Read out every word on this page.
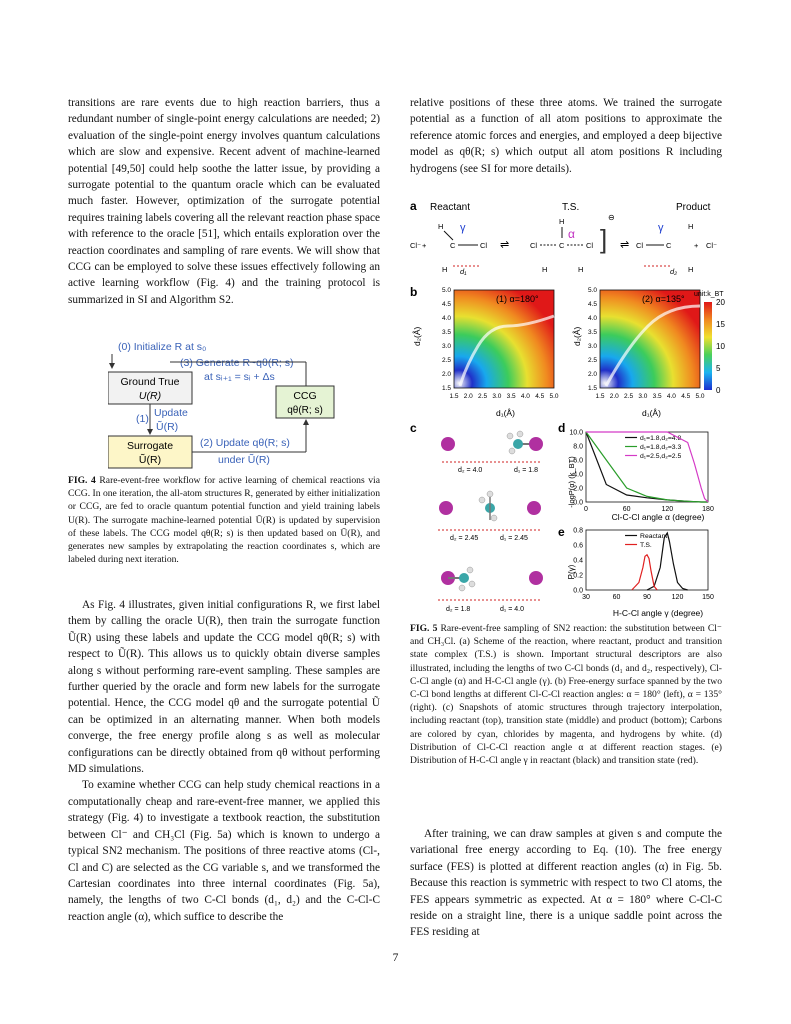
transitions are rare events due to high reaction barriers, thus a redundant number of single-point energy calculations are needed; 2) evaluation of the single-point energy involves quantum calculations which are slow and expensive. Recent advent of machine-learned potential [49,50] could help soothe the latter issue, by providing a surrogate potential to the quantum oracle which can be evaluated much faster. However, optimization of the surrogate potential requires training labels covering all the relevant reaction phase space with reference to the oracle [51], which entails exploration over the reaction coordinates and sampling of rare events. We will show that CCG can be employed to solve these issues effectively following an active learning workflow (Fig. 4) and the training protocol is summarized in SI and Algorithm S2.

(0) Initialize R at s₀
(3) Generate R~qθ(R; s)
at sᵢ₊₁ = sᵢ + Δs
Ground True
U(R)	CCG
qθ(R; s)
(1) Update
Ũ(R)
Surrogate
Ũ(R)
(2) Update qθ(R; s)
under Ũ(R)

FIG. 4 Rare-event-free workflow for active learning of chemical reactions via CCG. In one iteration, the all-atom structures R, generated by either initialization or CCG, are fed to oracle quantum potential function and yield training labels U(R). The surrogate machine-learned potential Ũ(R) is updated by supervision of these labels. The CCG model qθ(R; s) is then updated based on Ũ(R), and generates new samples by extrapolating the reaction coordinates s, which are labeled during next iteration.

As Fig. 4 illustrates, given initial configurations R, we first label them by calling the oracle U(R), then train the surrogate function Ũ(R) using these labels and update the CCG model qθ(R; s) with respect to Ũ(R). This allows us to quickly obtain diverse samples along s without performing rare-event sampling. These samples are further queried by the oracle and form new labels for the surrogate potential. Hence, the CCG model qθ and the surrogate potential Ũ can be optimized in an alternating manner. When both models converge, the free energy profile along s as well as molecular configurations can be directly obtained from qθ without performing MD simulations.

To examine whether CCG can help study chemical reactions in a computationally cheap and rare-event-free manner, we applied this strategy (Fig. 4) to investigate a textbook reaction, the substitution between Cl⁻ and CH₃Cl (Fig. 5a) which is known to undergo a typical SN2 mechanism. The positions of three reactive atoms (Cl-, Cl and C) are selected as the CG variable s, and we transformed the Cartesian coordinates into three internal coordinates (Fig. 5a), namely, the lengths of two C-Cl bonds (d₁, d₂) and the C-Cl-C reaction angle (α), which suffice to describe the

relative positions of these three atoms. We trained the surrogate potential as a function of all atom positions to approximate the reference atomic forces and energies, and employed a deep bijective model as qθ(R; s) which output all atom positions R including hydrogens (see SI for more details).

a Reactant	T.S.	Product
Cl⁻ +
H
C	Cl
γ
H d₁
⇌	Cl	C	Cl
H
α
H	H
]
⊖
⇌ Cl	C
γ	H
+ Cl⁻
H
d₂
b	(1) α=180°	(2) α=135°
1.5
1.5
2.0
2.0
2.5
2.5
3.0
3.0
3.5
3.5
4.0
4.0
4.5
4.5
5.0
5.0
1.5
1.5
2.0
2.0
2.5
2.5
3.0
3.0
3.5
3.5
4.0
4.0
4.5
4.5
5.0
5.0
d₂(Å)	d₂(Å)
d₁(Å)	d₁(Å)
unit:k_BT
20
15
10
5
0
c
d₂ = 4.0	d₁ = 1.8
d₂ = 2.45	d₁ = 2.45
d₂ = 1.8	d₁ = 4.0
d 10.0
8.0
6.0
4.0
2.0
0.0
0	60	120	180
d₁=1.8,d₂=4.8
d₁=1.8,d₂=3.3
d₁=2.5,d₂=2.5
-logP(α) (k_BT)
Cl-C-Cl angle α (degree)
e 0.8
0.6
0.4
0.2
0.0
30	60	90	120	150
Reactant
T.S.
P(γ)
H-C-Cl angle γ (degree)

FIG. 5 Rare-event-free sampling of SN2 reaction: the substitution between Cl⁻ and CH₃Cl. (a) Scheme of the reaction, where reactant, product and transition state complex (T.S.) is shown. Important structural descriptors are also illustrated, including the lengths of two C-Cl bonds (d₁ and d₂, respectively), Cl-C-Cl angle (α) and H-C-Cl angle (γ). (b) Free-energy surface spanned by the two C-Cl bond lengths at different Cl-C-Cl reaction angles: α = 180° (left), α = 135° (right). (c) Snapshots of atomic structures through trajectory interpolation, including reactant (top), transition state (middle) and product (bottom); Carbons are colored by cyan, chlorides by magenta, and hydrogens by white. (d) Distribution of Cl-C-Cl reaction angle α at different reaction stages. (e) Distribution of H-C-Cl angle γ in reactant (black) and transition state (red).

After training, we can draw samples at given s and compute the variational free energy according to Eq. (10). The free energy surface (FES) is plotted at different reaction angles (α) in Fig. 5b. Because this reaction is symmetric with respect to two Cl atoms, the FES appears symmetric as expected. At α = 180° where C-Cl-C reside on a straight line, there is a unique saddle point across the FES residing at

7
